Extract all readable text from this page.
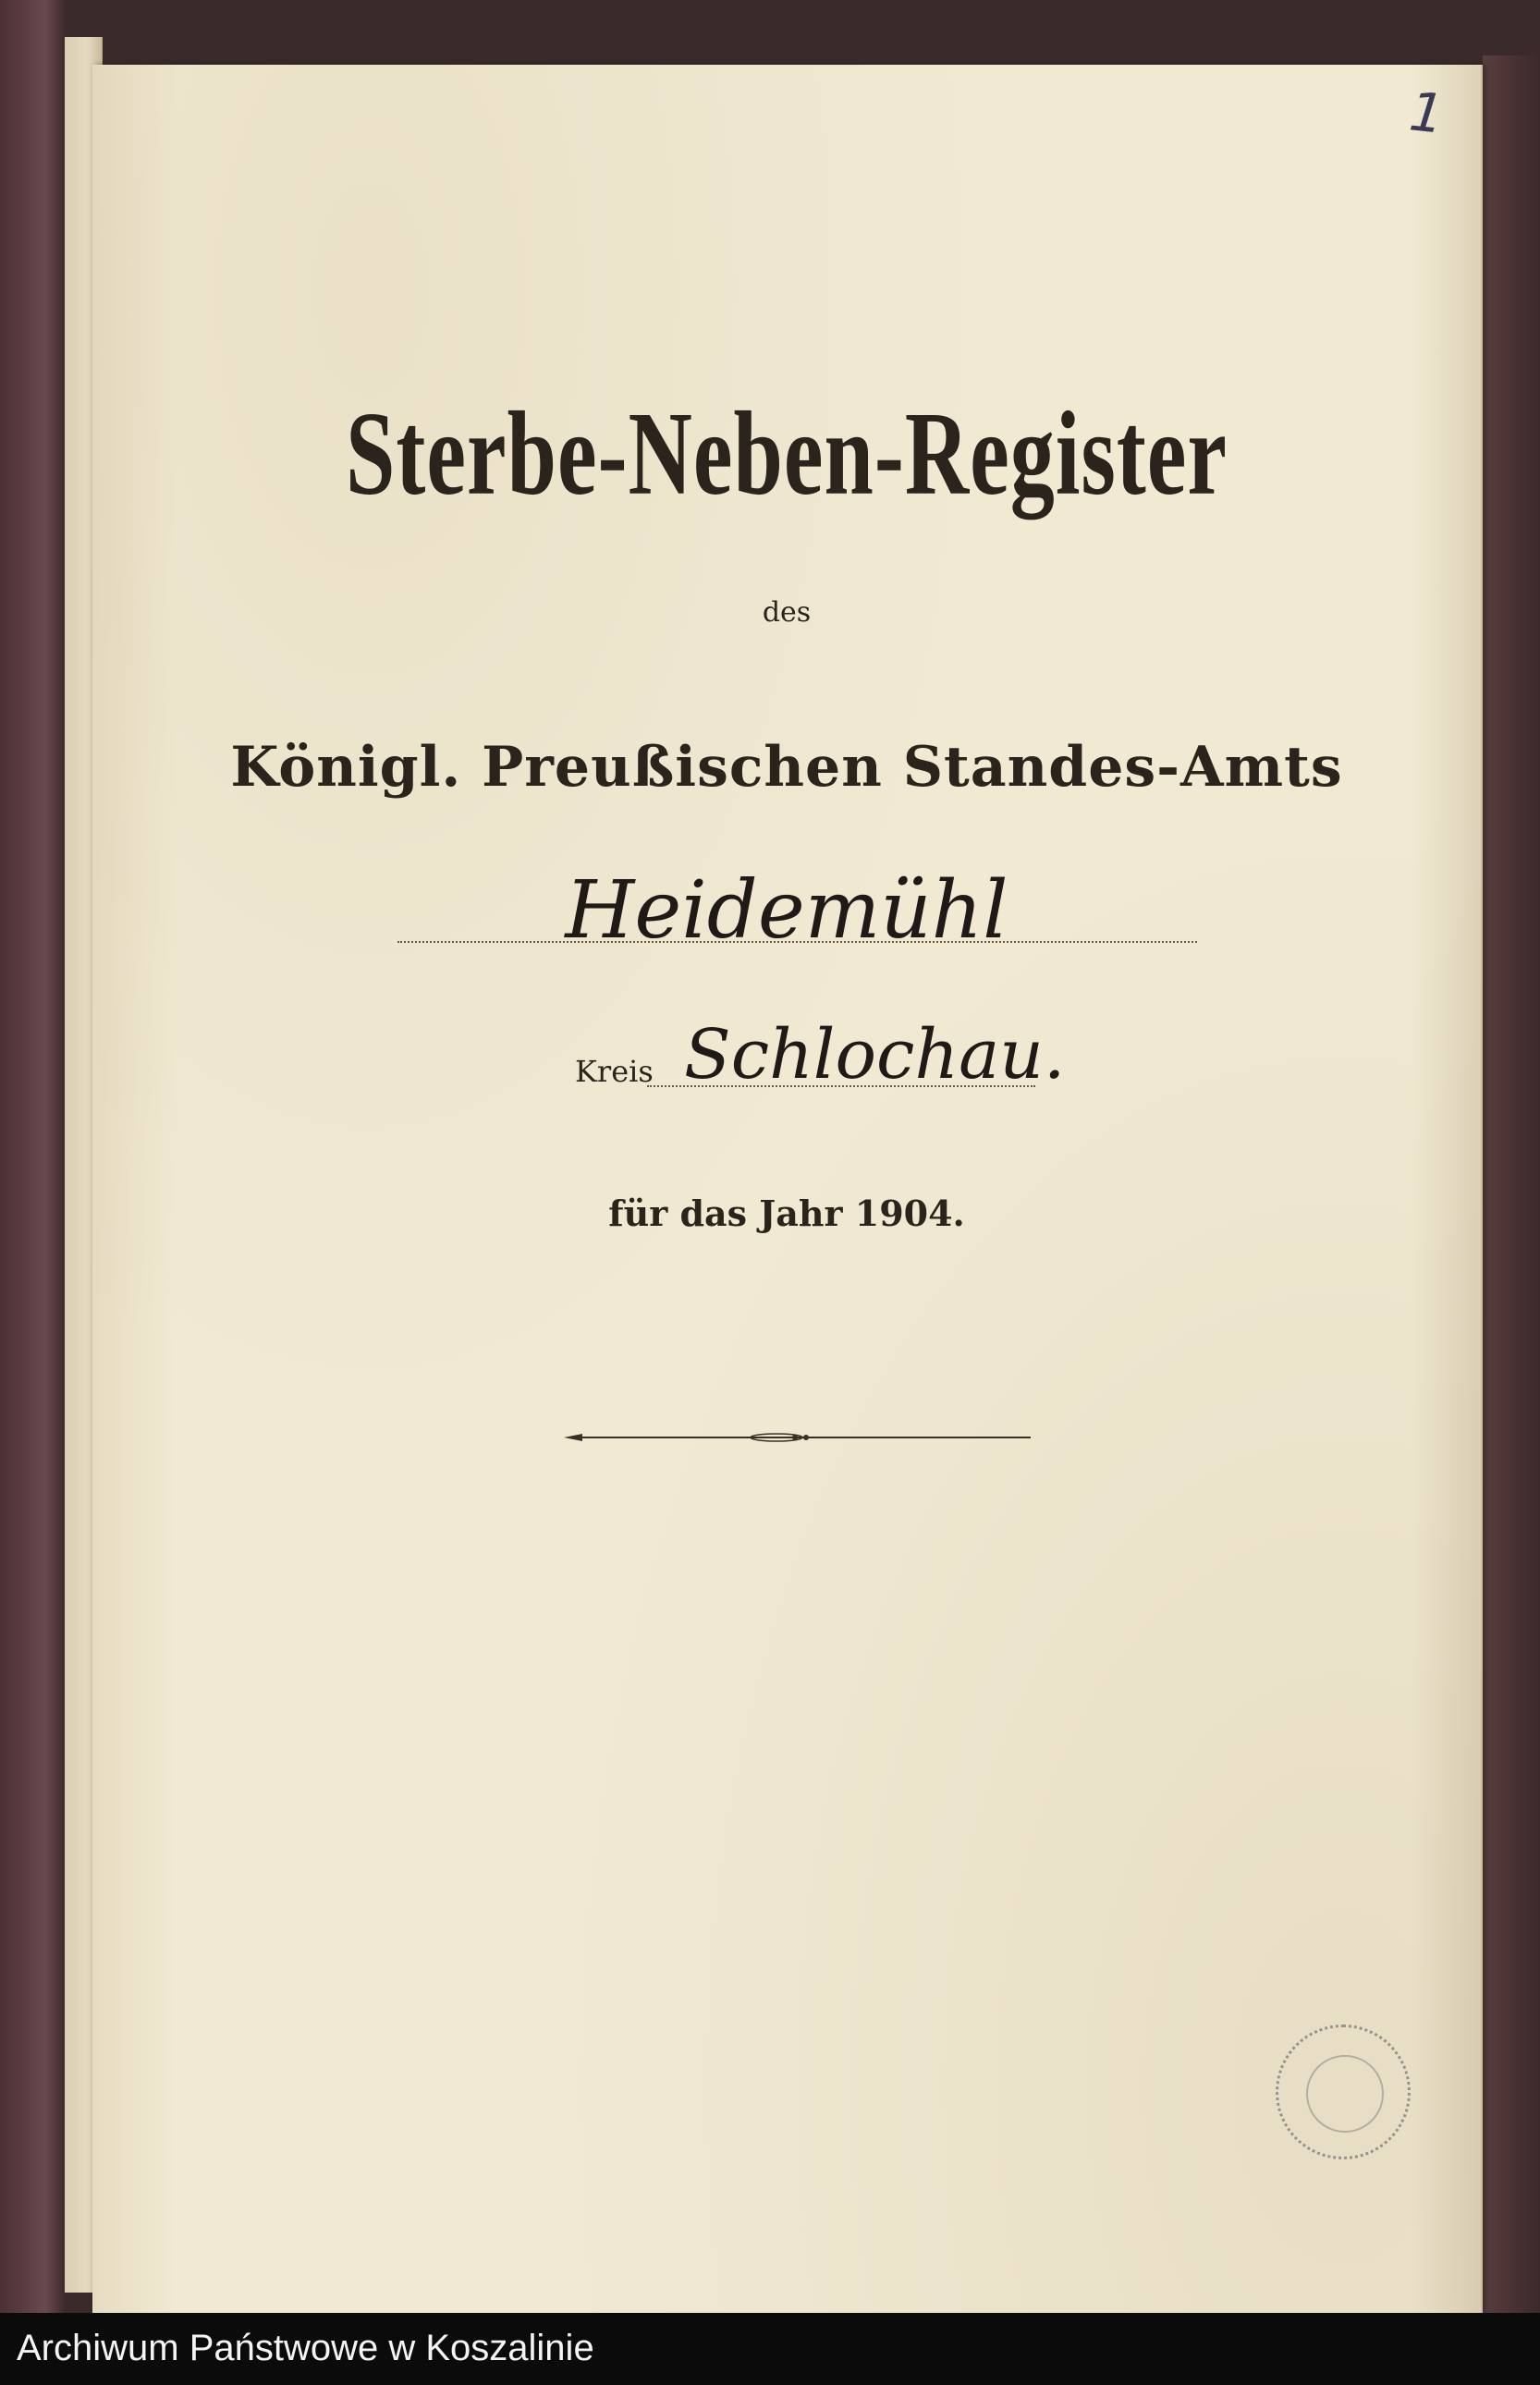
1
Sterbe-Neben-Register
des
Königl. Preußischen Standes-Amts
Heidemühl
Kreis Schlochau.
für das Jahr 1904.
Archiwum Państwowe w Koszalinie
